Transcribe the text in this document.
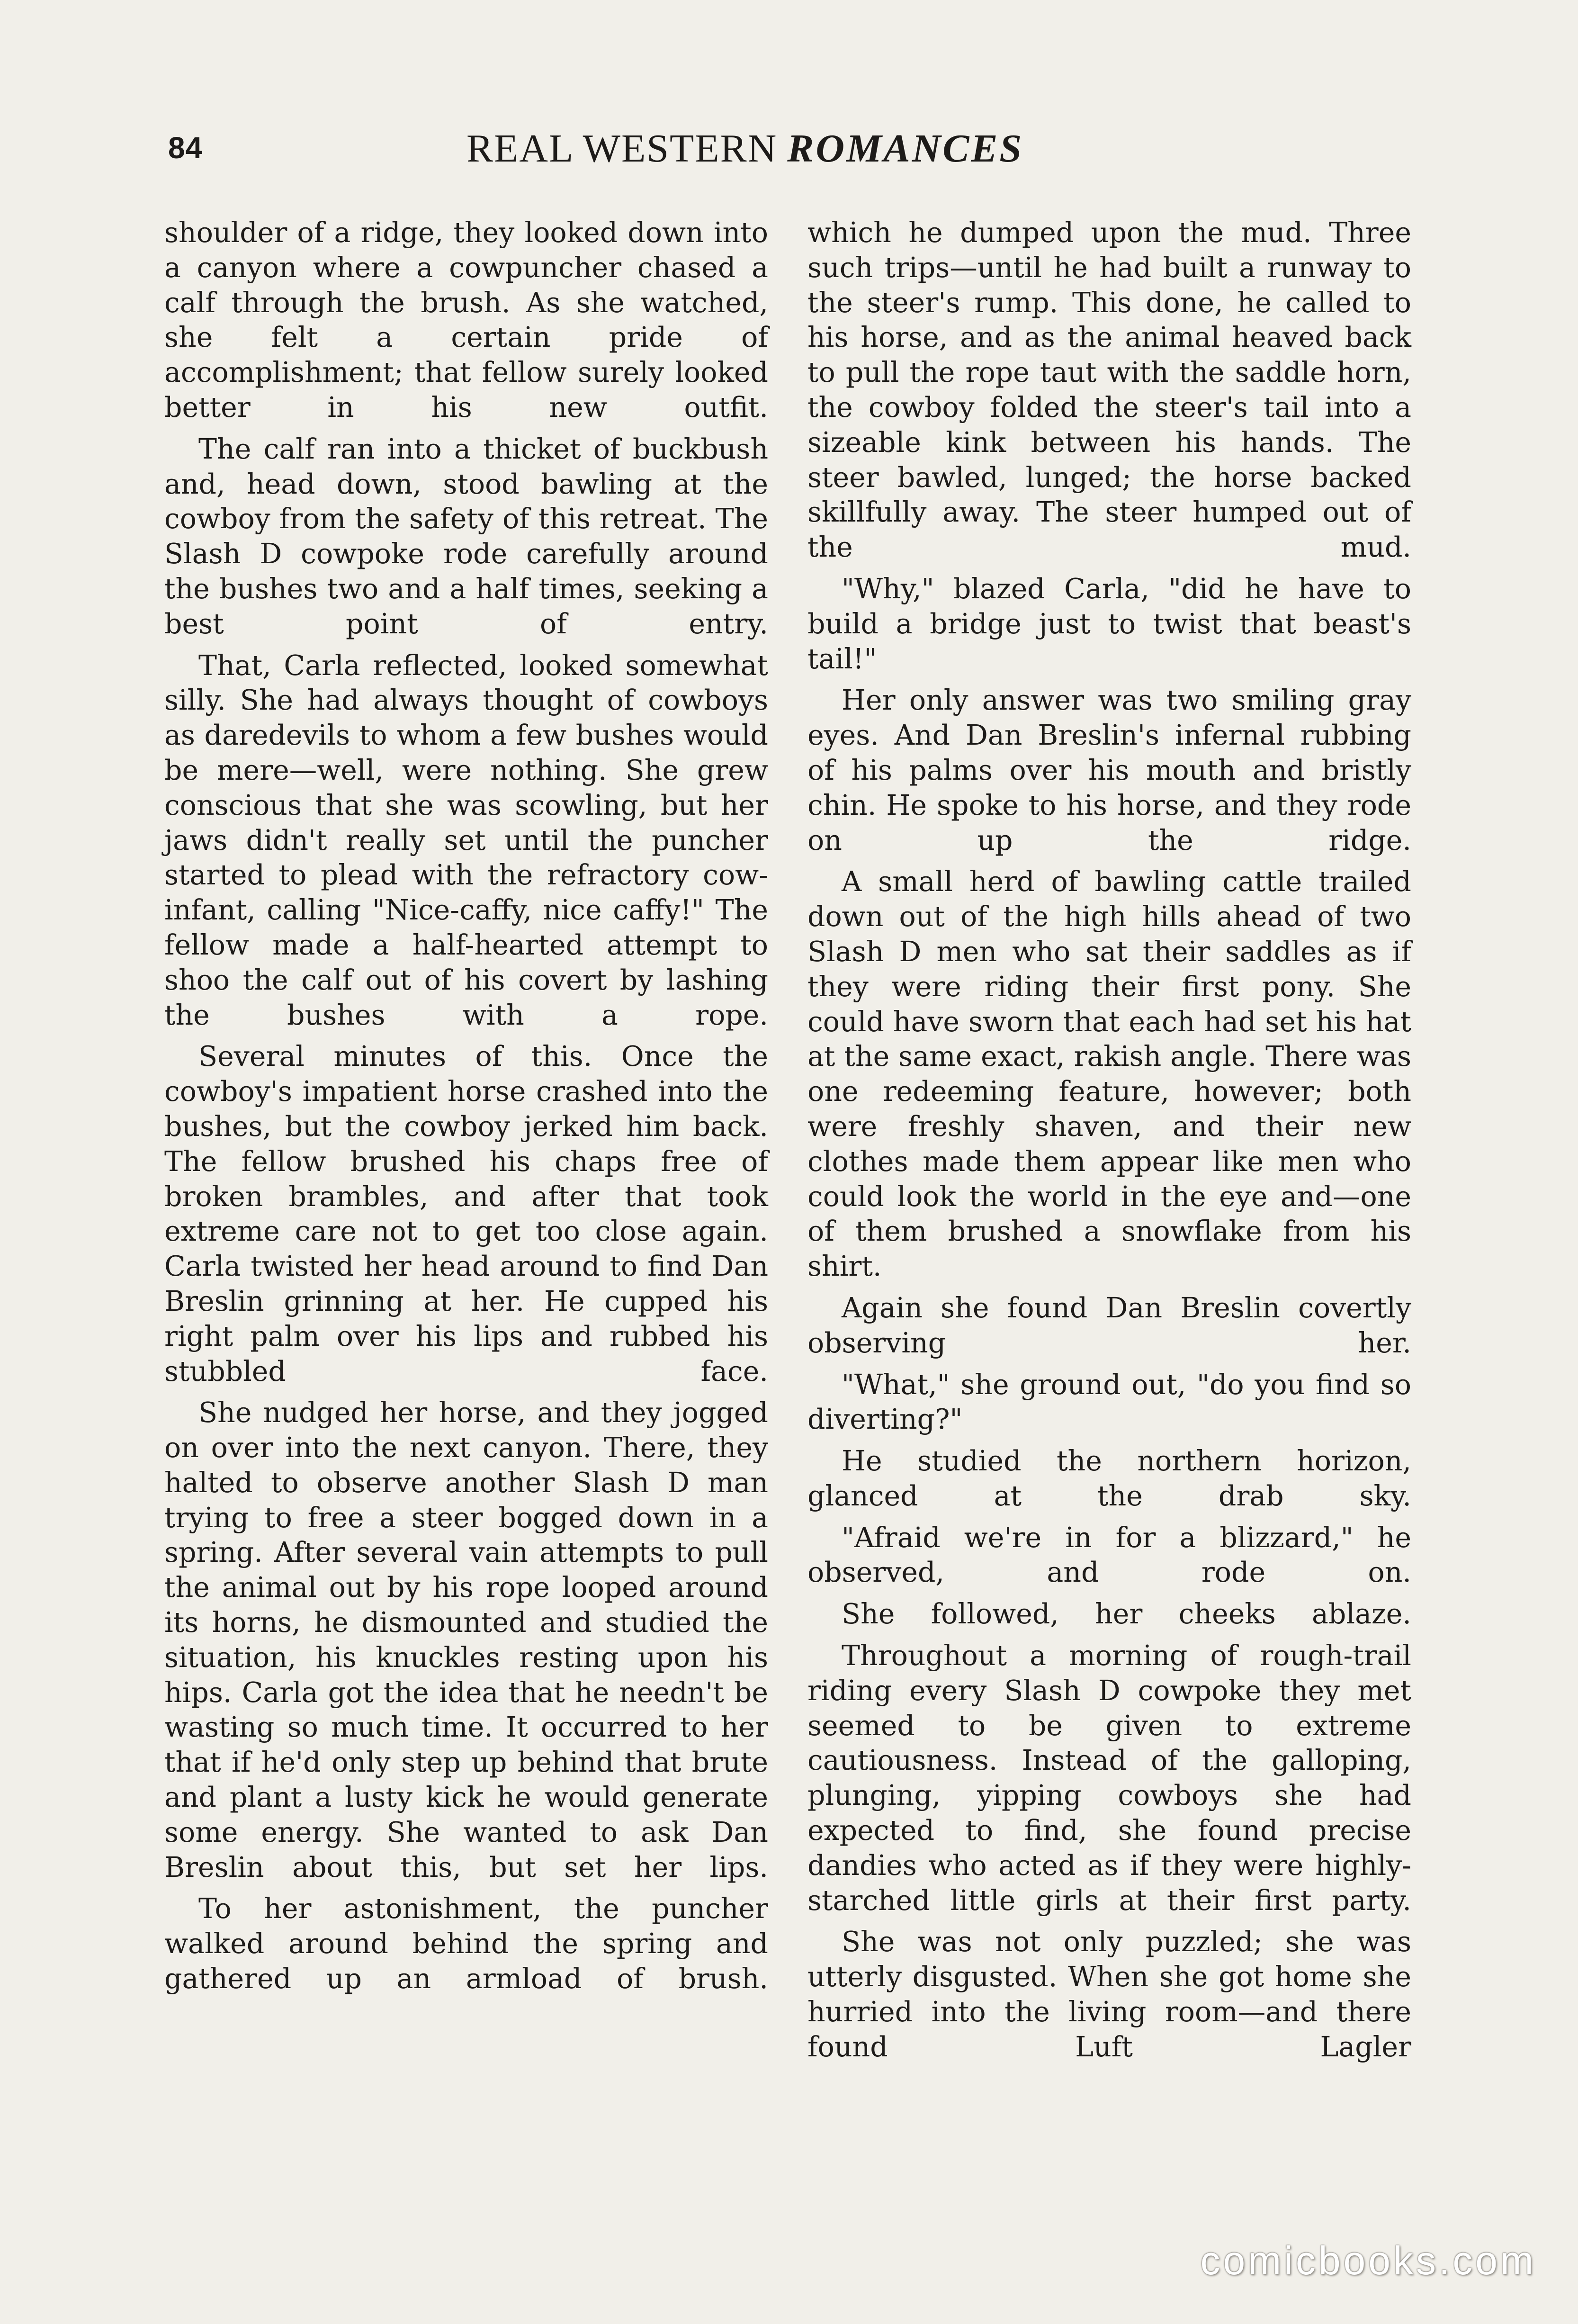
84	REAL WESTERN ROMANCES

shoulder of a ridge, they looked down into a canyon where a cowpuncher chased a calf through the brush. As she watched, she felt a certain pride of accomplishment; that fellow surely looked better in his new outfit.

The calf ran into a thicket of buckbush and, head down, stood bawling at the cowboy from the safety of this retreat. The Slash D cowpoke rode carefully around the bushes two and a half times, seeking a best point of entry.

That, Carla reflected, looked somewhat silly. She had always thought of cowboys as daredevils to whom a few bushes would be mere—well, were nothing. She grew conscious that she was scowling, but her jaws didn't really set until the puncher started to plead with the refractory cow-infant, calling "Nice-caffy, nice caffy!" The fellow made a half-hearted attempt to shoo the calf out of his covert by lashing the bushes with a rope.

Several minutes of this. Once the cowboy's impatient horse crashed into the bushes, but the cowboy jerked him back. The fellow brushed his chaps free of broken brambles, and after that took extreme care not to get too close again. Carla twisted her head around to find Dan Breslin grinning at her. He cupped his right palm over his lips and rubbed his stubbled face.

She nudged her horse, and they jogged on over into the next canyon. There, they halted to observe another Slash D man trying to free a steer bogged down in a spring. After several vain attempts to pull the animal out by his rope looped around its horns, he dismounted and studied the situation, his knuckles resting upon his hips. Carla got the idea that he needn't be wasting so much time. It occurred to her that if he'd only step up behind that brute and plant a lusty kick he would generate some energy. She wanted to ask Dan Breslin about this, but set her lips.

To her astonishment, the puncher walked around behind the spring and gathered up an armload of brush.

which he dumped upon the mud. Three such trips—until he had built a runway to the steer's rump. This done, he called to his horse, and as the animal heaved back to pull the rope taut with the saddle horn, the cowboy folded the steer's tail into a sizeable kink between his hands. The steer bawled, lunged; the horse backed skillfully away. The steer humped out of the mud.

"Why," blazed Carla, "did he have to build a bridge just to twist that beast's tail!"

Her only answer was two smiling gray eyes. And Dan Breslin's infernal rubbing of his palms over his mouth and bristly chin. He spoke to his horse, and they rode on up the ridge.

A small herd of bawling cattle trailed down out of the high hills ahead of two Slash D men who sat their saddles as if they were riding their first pony. She could have sworn that each had set his hat at the same exact, rakish angle. There was one redeeming feature, however; both were freshly shaven, and their new clothes made them appear like men who could look the world in the eye and—one of them brushed a snowflake from his shirt.

Again she found Dan Breslin covertly observing her.

"What," she ground out, "do you find so diverting?"

He studied the northern horizon, glanced at the drab sky.

"Afraid we're in for a blizzard," he observed, and rode on.

She followed, her cheeks ablaze.

Throughout a morning of rough-trail riding every Slash D cowpoke they met seemed to be given to extreme cautiousness. Instead of the galloping, plunging, yipping cowboys she had expected to find, she found precise dandies who acted as if they were highly-starched little girls at their first party.

She was not only puzzled; she was utterly disgusted. When she got home she hurried into the living room—and there found Luft Lagler

comicbooks.com
